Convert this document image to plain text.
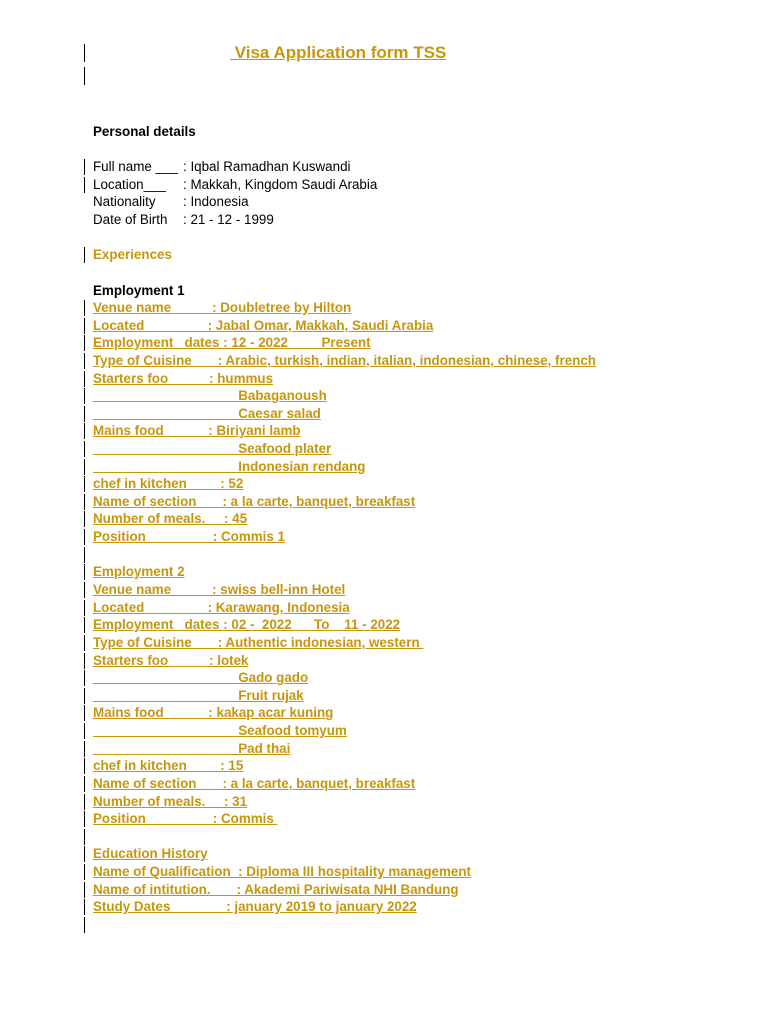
Visa Application form TSS
Personal details
Full name ___ : Iqbal Ramadhan Kuswandi
Location___ : Makkah, Kingdom Saudi Arabia
Nationality : Indonesia
Date of Birth : 21 - 12 - 1999
Experiences
Employment 1
Venue name           : Doubletree by Hilton
Located                 : Jabal Omar, Makkah, Saudi Arabia
Employment   dates : 12 - 2022         Present
Type of Cuisine       : Arabic, turkish, indian, italian, indonesian, chinese, french
Starters foo           : hummus
___________________ Babaganoush
___________________ Caesar salad
Mains food            : Biriyani lamb
___________________ Seafood plater
___________________ Indonesian rendang
chef in kitchen         : 52
Name of section       : a la carte, banquet, breakfast
Number of meals.     : 45
Position                  : Commis 1
Employment 2
Venue name           : swiss bell-inn Hotel
Located                 : Karawang, Indonesia
Employment   dates : 02 -  2022      To    11 - 2022
Type of Cuisine       : Authentic indonesian, western
Starters foo           : lotek
___________________ Gado gado
___________________ Fruit rujak
Mains food            : kakap acar kuning
___________________ Seafood tomyum
___________________ Pad thai
chef in kitchen         : 15
Name of section       : a la carte, banquet, breakfast
Number of meals.     : 31
Position                  : Commis
Education History
Name of Qualification  : Diploma III hospitality management
Name of intitution.       : Akademi Pariwisata NHI Bandung
Study Dates               : january 2019 to january 2022
